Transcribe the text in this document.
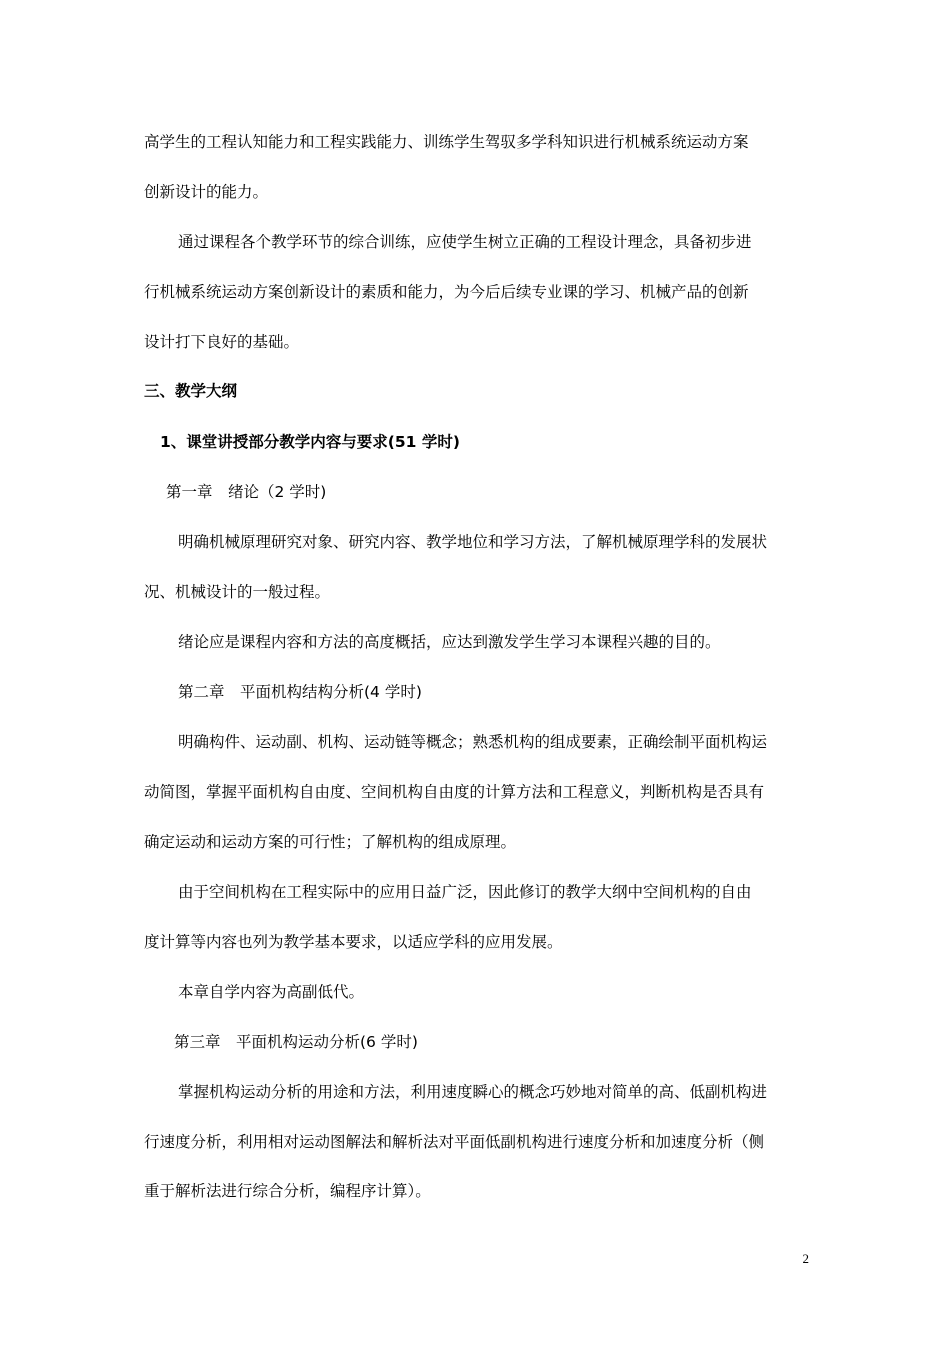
高学生的工程认知能力和工程实践能力、训练学生驾驭多学科知识进行机械系统运动方案
创新设计的能力。
通过课程各个教学环节的综合训练，应使学生树立正确的工程设计理念，具备初步进
行机械系统运动方案创新设计的素质和能力，为今后后续专业课的学习、机械产品的创新
设计打下良好的基础。
三、教学大纲
1、课堂讲授部分教学内容与要求(51 学时)
第一章　绪论（2 学时)
明确机械原理研究对象、研究内容、教学地位和学习方法，了解机械原理学科的发展状
况、机械设计的一般过程。
绪论应是课程内容和方法的高度概括，应达到激发学生学习本课程兴趣的目的。
第二章　平面机构结构分析(4 学时)
明确构件、运动副、机构、运动链等概念；熟悉机构的组成要素，正确绘制平面机构运
动简图，掌握平面机构自由度、空间机构自由度的计算方法和工程意义，判断机构是否具有
确定运动和运动方案的可行性；了解机构的组成原理。
由于空间机构在工程实际中的应用日益广泛，因此修订的教学大纲中空间机构的自由
度计算等内容也列为教学基本要求，以适应学科的应用发展。
本章自学内容为高副低代。
第三章　平面机构运动分析(6 学时)
掌握机构运动分析的用途和方法，利用速度瞬心的概念巧妙地对简单的高、低副机构进
行速度分析，利用相对运动图解法和解析法对平面低副机构进行速度分析和加速度分析（侧
重于解析法进行综合分析，编程序计算）。
2
